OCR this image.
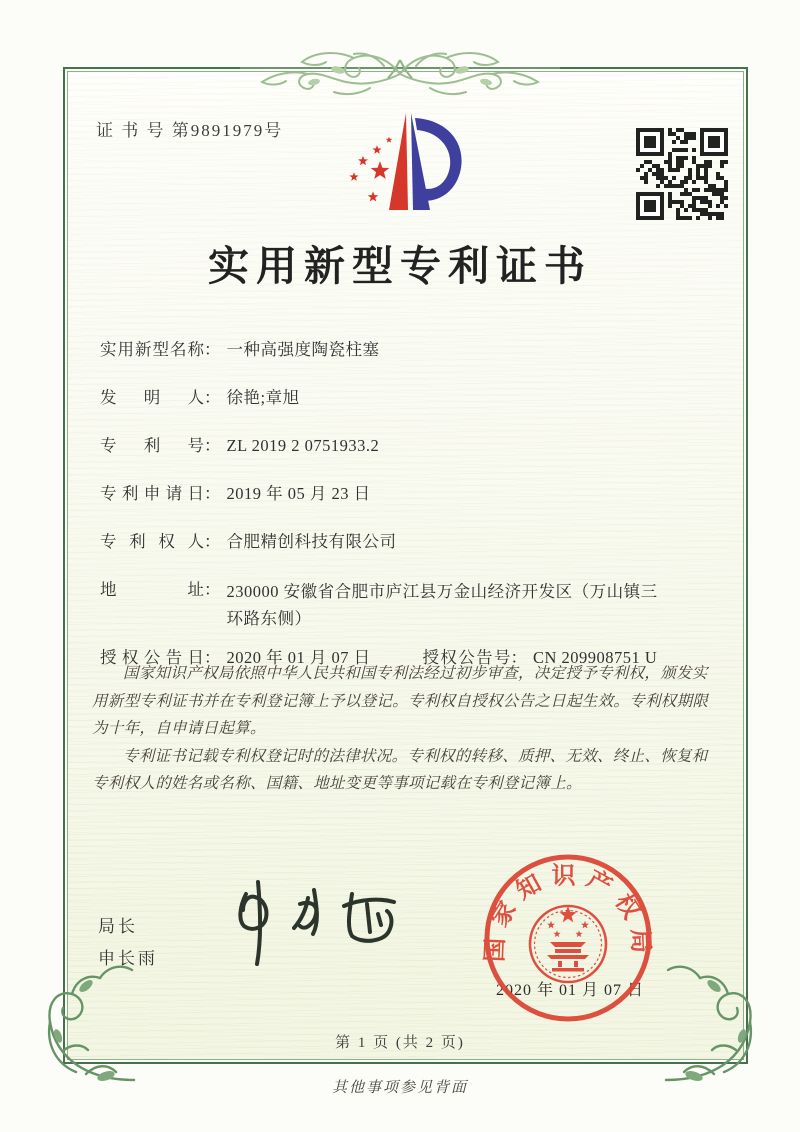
证 书 号 第9891979号
实用新型专利证书
实用新型名称 ： 一种高强度陶瓷柱塞
发明人 ： 徐艳;章旭
专利号 ： ZL 2019 2 0751933.2
专利申请日 ： 2019 年 05 月 23 日
专利权人 ： 合肥精创科技有限公司
地址 ： 230000 安徽省合肥市庐江县万金山经济开发区（万山镇三环路东侧）
授权公告日 ： 2020 年 01 月 07 日	授权公告号 ： CN 209908751 U

国家知识产权局依照中华人民共和国专利法经过初步审查，决定授予专利权，颁发实用新型专利证书并在专利登记簿上予以登记。专利权自授权公告之日起生效。专利权期限为十年，自申请日起算。

专利证书记载专利权登记时的法律状况。专利权的转移、质押、无效、终止、恢复和专利权人的姓名或名称、国籍、地址变更等事项记载在专利登记簿上。

局长
申长雨	国家知识产权局
2020 年 01 月 07 日
第 1 页 (共 2 页)
其他事项参见背面
